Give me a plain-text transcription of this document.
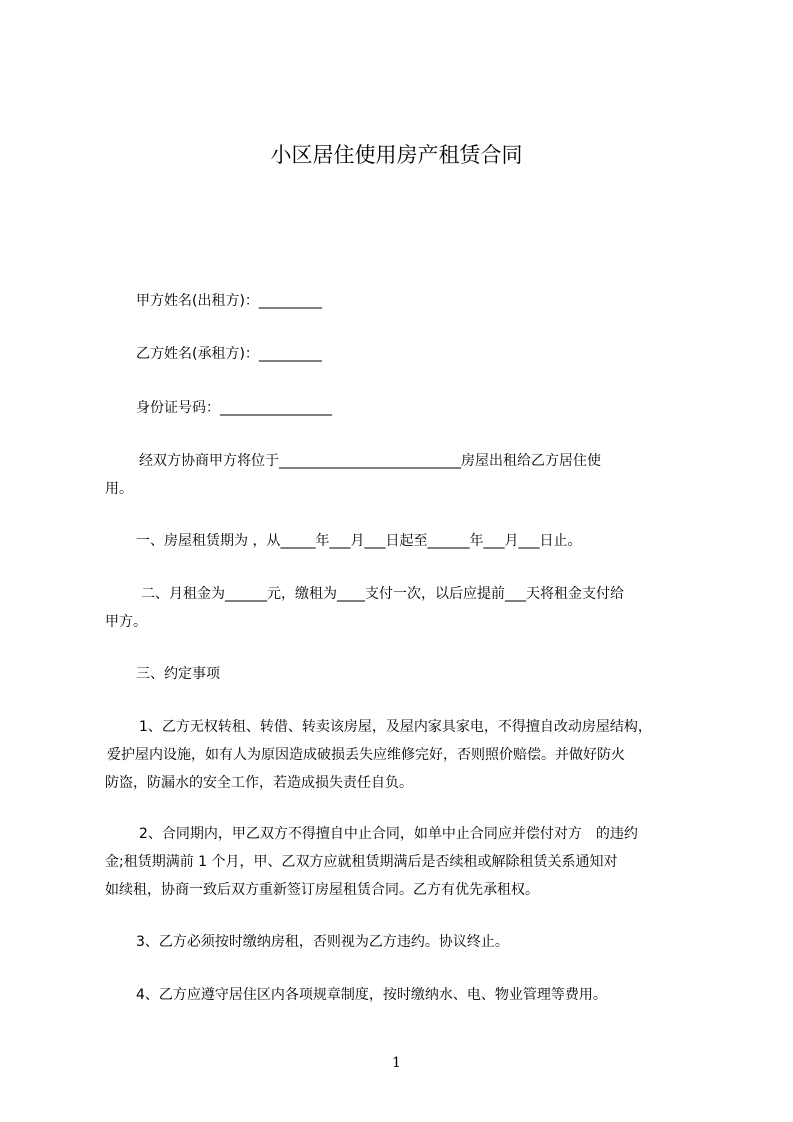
小区居住使用房产租赁合同
甲方姓名(出租方)：_________
乙方姓名(承租方)：_________
身份证号码：________________
经双方协商甲方将位于__________________________房屋出租给乙方居住使
用。
一、房屋租赁期为 ，从_____年___月___日起至______年___月___日止。
二、月租金为______元，缴租为____支付一次，以后应提前___天将租金支付给
甲方。
三、约定事项
1、乙方无权转租、转借、转卖该房屋，及屋内家具家电，不得擅自改动房屋结构，
爱护屋内设施，如有人为原因造成破损丢失应维修完好，否则照价赔偿。并做好防火
防盗，防漏水的安全工作，若造成损失责任自负。
2、合同期内，甲乙双方不得擅自中止合同，如单中止合同应并偿付对方　的违约
金;租赁期满前 1 个月，甲、乙双方应就租赁期满后是否续租或解除租赁关系通知对
如续租，协商一致后双方重新签订房屋租赁合同。乙方有优先承租权。
3、乙方必须按时缴纳房租，否则视为乙方违约。协议终止。
4、乙方应遵守居住区内各项规章制度，按时缴纳水、电、物业管理等费用。
1
